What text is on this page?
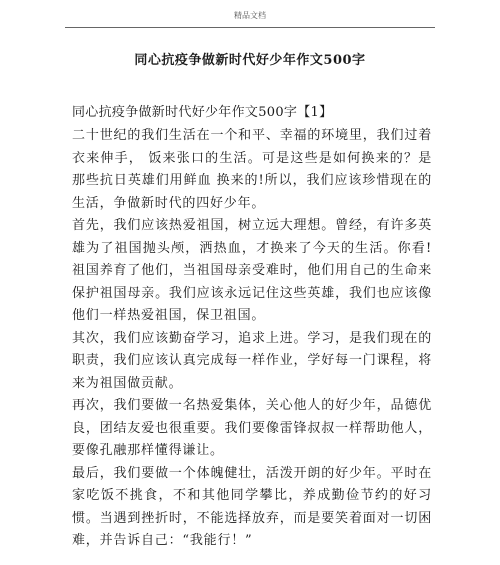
精品文档
同心抗疫争做新时代好少年作文500字
同心抗疫争做新时代好少年作文500字【1】

二十世纪的我们生活在一个和平、幸福的环境里，我们过着衣来伸手， 饭来张口的生活。可是这些是如何换来的？是那些抗日英雄们用鲜血 换来的!所以，我们应该珍惜现在的生活，争做新时代的四好少年。

首先，我们应该热爱祖国，树立远大理想。曾经，有许多英雄为了祖国抛头颅，洒热血，才换来了今天的生活。你看!祖国养育了他们，当祖国母亲受难时，他们用自己的生命来保护祖国母亲。我们应该永远记住这些英雄，我们也应该像他们一样热爱祖国，保卫祖国。

其次，我们应该勤奋学习，追求上进。学习，是我们现在的职责，我们应该认真完成每一样作业，学好每一门课程，将来为祖国做贡献。

再次，我们要做一名热爱集体，关心他人的好少年，品德优良，团结友爱也很重要。我们要像雷锋叔叔一样帮助他人，要像孔融那样懂得谦让。

最后，我们要做一个体魄健壮，活泼开朗的好少年。平时在家吃饭不挑食，不和其他同学攀比，养成勤俭节约的好习惯。当遇到挫折时，不能选择放弃，而是要笑着面对一切困难，并告诉自己：“我能行！”
